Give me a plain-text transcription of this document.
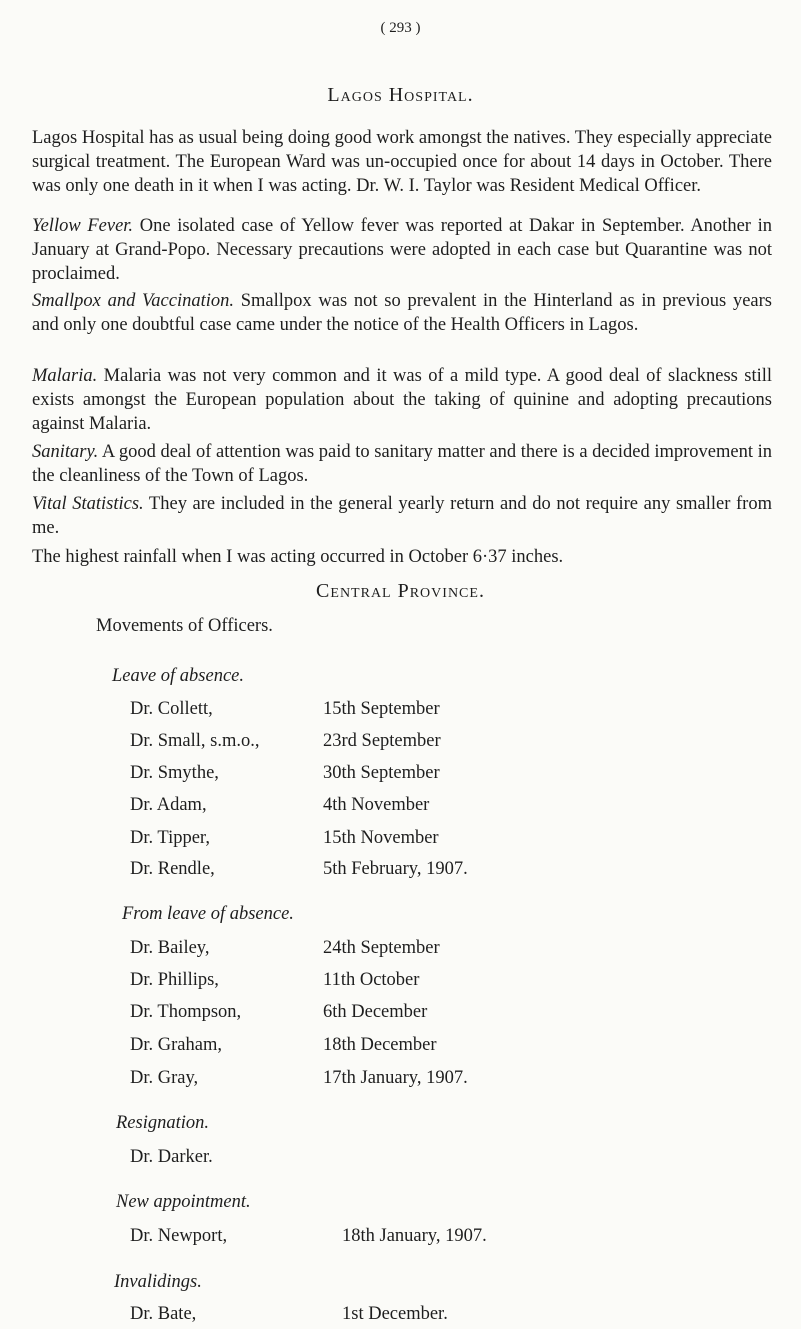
( 293 )
Lagos Hospital.
Lagos Hospital has as usual being doing good work amongst the natives. They especially appreciate surgical treatment. The European Ward was un-occupied once for about 14 days in October. There was only one death in it when I was acting. Dr. W. I. Taylor was Resident Medical Officer.
Yellow Fever. One isolated case of Yellow fever was reported at Dakar in September. Another in January at Grand-Popo. Necessary precautions were adopted in each case but Quarantine was not proclaimed.
Smallpox and Vaccination. Smallpox was not so prevalent in the Hinterland as in previous years and only one doubtful case came under the notice of the Health Officers in Lagos.
Malaria. Malaria was not very common and it was of a mild type. A good deal of slackness still exists amongst the European population about the taking of quinine and adopting precautions against Malaria.
Sanitary. A good deal of attention was paid to sanitary matter and there is a decided improvement in the cleanliness of the Town of Lagos.
Vital Statistics. They are included in the general yearly return and do not require any smaller from me.
The highest rainfall when I was acting occurred in October 6·37 inches.
Central Province.
Movements of Officers.
Leave of absence.
Dr. Collett,	15th September
Dr. Small, s.m.o.,	23rd September
Dr. Smythe,	30th September
Dr. Adam,	4th November
Dr. Tipper,	15th November
Dr. Rendle,	5th February, 1907.
From leave of absence.
Dr. Bailey,	24th September
Dr. Phillips,	11th October
Dr. Thompson,	6th December
Dr. Graham,	18th December
Dr. Gray,	17th January, 1907.
Resignation.
Dr. Darker.
New appointment.
Dr. Newport,	18th January, 1907.
Invalidings.
Dr. Bate,	1st December.
